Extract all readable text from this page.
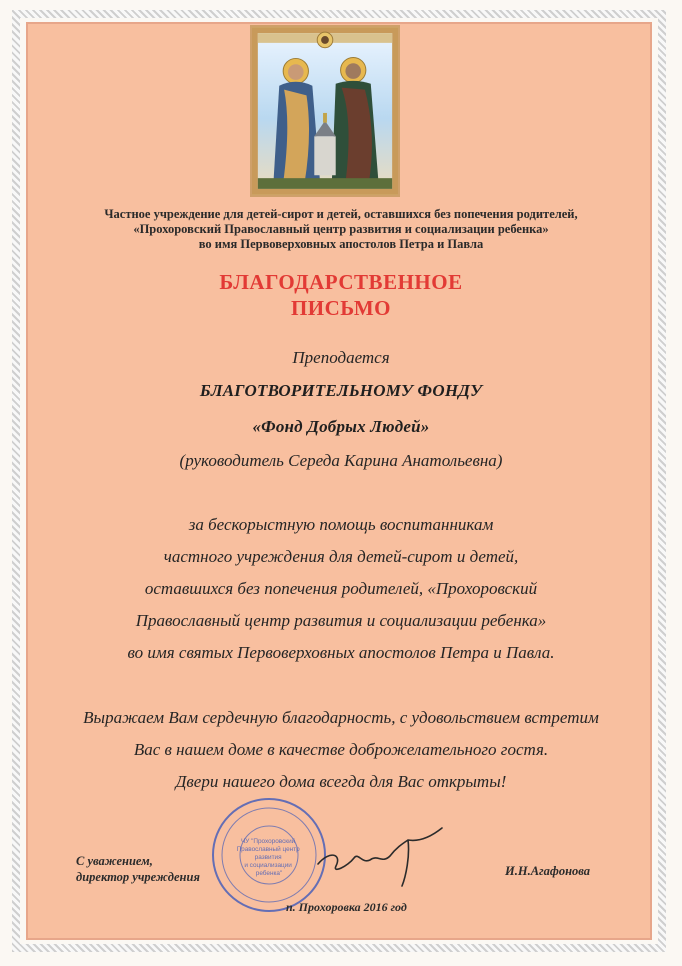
Частное учреждение для детей-сирот и детей, оставшихся без попечения родителей,
«Прохоровский Православный центр развития и социализации ребенка»
во имя Первоверховных апостолов Петра и Павла
БЛАГОДАРСТВЕННОЕ
ПИСЬМО
Преподается
БЛАГОТВОРИТЕЛЬНОМУ ФОНДУ
«Фонд Добрых Людей»
(руководитель Середа Карина Анатольевна)
за бескорыстную помощь воспитанникам
частного учреждения для детей-сирот и детей,
оставшихся без попечения родителей, «Прохоровский
Православный центр развития и социализации ребенка»
во имя святых Первоверховных апостолов Петра и Павла.
Выражаем Вам сердечную благодарность, с удовольствием встретим
Вас в нашем доме в качестве доброжелательного гостя.
Двери нашего дома всегда для Вас открыты!
С уважением,
директор учреждения
ЧУ "Прохоровский Православный центр развития и социализации ребенка"	И.Н.Агафонова
п. Прохоровка 2016 год
